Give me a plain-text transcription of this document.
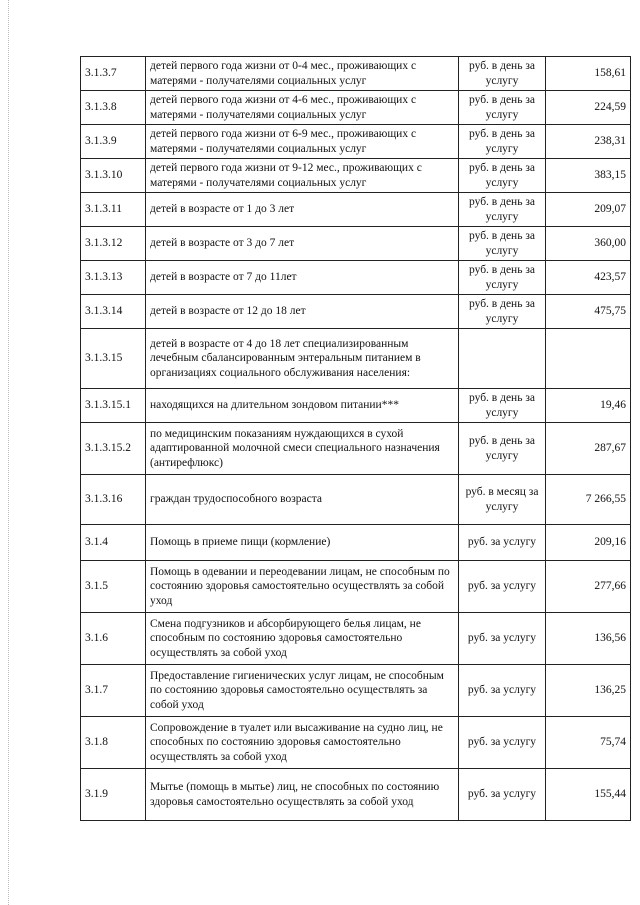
3.1.3.7	детей первого года жизни от 0-4 мес., проживающих с матерями - получателями социальных услуг	руб. в день за услугу	158,61
3.1.3.8	детей первого года жизни от 4-6 мес., проживающих с матерями - получателями социальных услуг	руб. в день за услугу	224,59
3.1.3.9	детей первого года жизни от 6-9 мес., проживающих с матерями - получателями социальных услуг	руб. в день за услугу	238,31
3.1.3.10	детей первого года жизни от 9-12 мес., проживающих с матерями - получателями социальных услуг	руб. в день за услугу	383,15
3.1.3.11	детей в возрасте от 1 до 3 лет	руб. в день за услугу	209,07
3.1.3.12	детей в возрасте от 3 до 7 лет	руб. в день за услугу	360,00
3.1.3.13	детей в возрасте от 7 до 11лет	руб. в день за услугу	423,57
3.1.3.14	детей в возрасте от 12 до 18 лет	руб. в день за услугу	475,75
3.1.3.15	детей в возрасте от 4 до 18 лет специализированным лечебным сбалансированным энтеральным питанием в организациях социального обслуживания населения:		
3.1.3.15.1	находящихся на длительном зондовом питании***	руб. в день за услугу	19,46
3.1.3.15.2	по медицинским показаниям нуждающихся в сухой адаптированной молочной смеси специального назначения (антирефлюкс)	руб. в день за услугу	287,67
3.1.3.16	граждан трудоспособного возраста	руб. в месяц за услугу	7 266,55
3.1.4	Помощь в приеме пищи (кормление)	руб. за услугу	209,16
3.1.5	Помощь в одевании и переодевании лицам, не способным по состоянию здоровья самостоятельно осуществлять за собой уход	руб. за услугу	277,66
3.1.6	Смена подгузников и абсорбирующего белья лицам, не способным по состоянию здоровья самостоятельно осуществлять за собой уход	руб. за услугу	136,56
3.1.7	Предоставление гигиенических услуг лицам, не способным по состоянию здоровья самостоятельно осуществлять за собой уход	руб. за услугу	136,25
3.1.8	Сопровождение в туалет или высаживание на судно лиц, не способных по состоянию здоровья самостоятельно осуществлять за собой уход	руб. за услугу	75,74
3.1.9	Мытье (помощь в мытье) лиц, не способных по состоянию здоровья самостоятельно осуществлять за собой уход	руб. за услугу	155,44
